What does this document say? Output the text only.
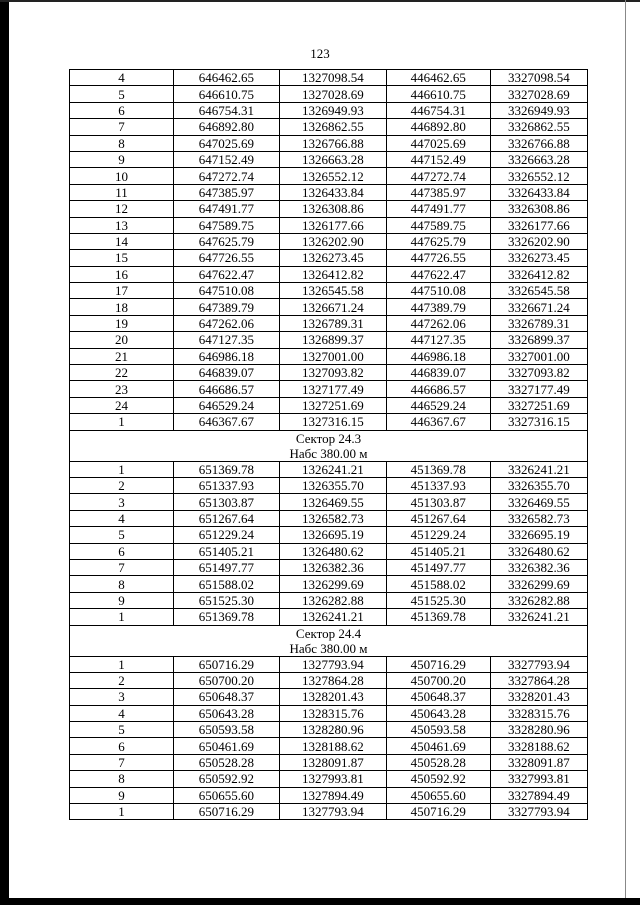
123
4	646462.65	1327098.54	446462.65	3327098.54
5	646610.75	1327028.69	446610.75	3327028.69
6	646754.31	1326949.93	446754.31	3326949.93
7	646892.80	1326862.55	446892.80	3326862.55
8	647025.69	1326766.88	447025.69	3326766.88
9	647152.49	1326663.28	447152.49	3326663.28
10	647272.74	1326552.12	447272.74	3326552.12
11	647385.97	1326433.84	447385.97	3326433.84
12	647491.77	1326308.86	447491.77	3326308.86
13	647589.75	1326177.66	447589.75	3326177.66
14	647625.79	1326202.90	447625.79	3326202.90
15	647726.55	1326273.45	447726.55	3326273.45
16	647622.47	1326412.82	447622.47	3326412.82
17	647510.08	1326545.58	447510.08	3326545.58
18	647389.79	1326671.24	447389.79	3326671.24
19	647262.06	1326789.31	447262.06	3326789.31
20	647127.35	1326899.37	447127.35	3326899.37
21	646986.18	1327001.00	446986.18	3327001.00
22	646839.07	1327093.82	446839.07	3327093.82
23	646686.57	1327177.49	446686.57	3327177.49
24	646529.24	1327251.69	446529.24	3327251.69
1	646367.67	1327316.15	446367.67	3327316.15

Сектор 24.3
Набс 380.00 м				

1	651369.78	1326241.21	451369.78	3326241.21
2	651337.93	1326355.70	451337.93	3326355.70
3	651303.87	1326469.55	451303.87	3326469.55
4	651267.64	1326582.73	451267.64	3326582.73
5	651229.24	1326695.19	451229.24	3326695.19
6	651405.21	1326480.62	451405.21	3326480.62
7	651497.77	1326382.36	451497.77	3326382.36
8	651588.02	1326299.69	451588.02	3326299.69
9	651525.30	1326282.88	451525.30	3326282.88
1	651369.78	1326241.21	451369.78	3326241.21

Сектор 24.4
Набс 380.00 м				

1	650716.29	1327793.94	450716.29	3327793.94
2	650700.20	1327864.28	450700.20	3327864.28
3	650648.37	1328201.43	450648.37	3328201.43
4	650643.28	1328315.76	450643.28	3328315.76
5	650593.58	1328280.96	450593.58	3328280.96
6	650461.69	1328188.62	450461.69	3328188.62
7	650528.28	1328091.87	450528.28	3328091.87
8	650592.92	1327993.81	450592.92	3327993.81
9	650655.60	1327894.49	450655.60	3327894.49
1	650716.29	1327793.94	450716.29	3327793.94
